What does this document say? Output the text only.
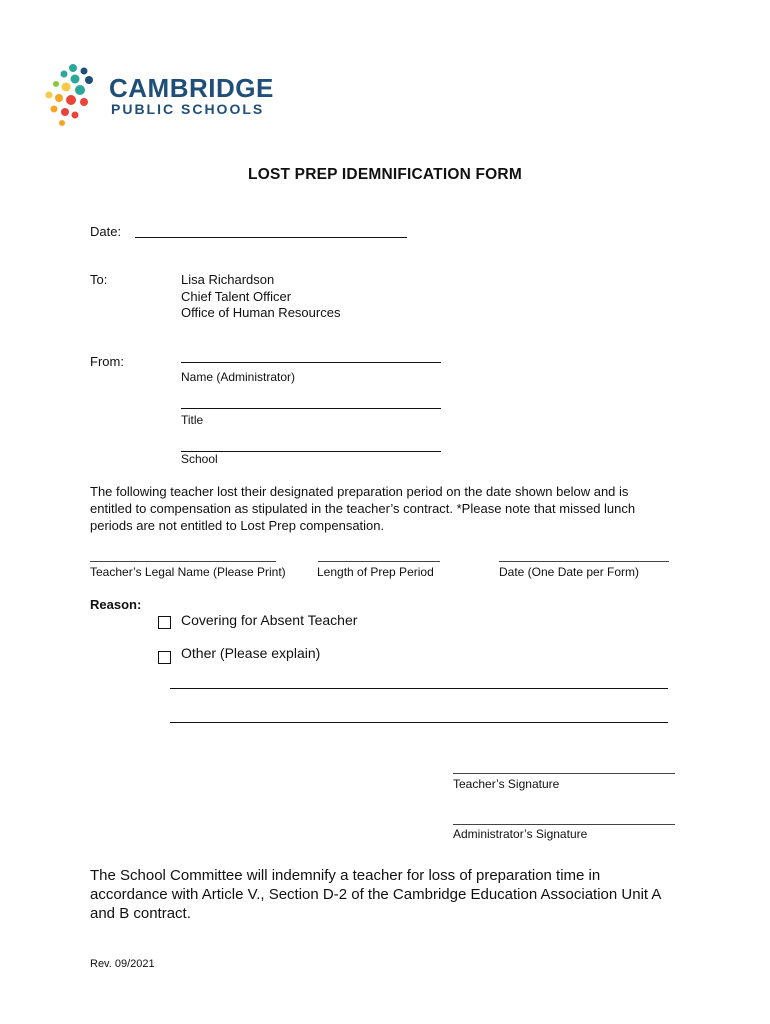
CAMBRIDGE
PUBLIC SCHOOLS
LOST PREP IDEMNIFICATION FORM
Date:
To:	Lisa Richardson
Chief Talent Officer
Office of Human Resources
From:
Name (Administrator)
Title
School
The following teacher lost their designated preparation period on the date shown below and is
entitled to compensation as stipulated in the teacher’s contract. *Please note that missed lunch
periods are not entitled to Lost Prep compensation.
Teacher’s Legal Name (Please Print)	Length of Prep Period	Date (One Date per Form)
Reason:
Covering for Absent Teacher
Other (Please explain)
Teacher’s Signature
Administrator’s Signature
The School Committee will indemnify a teacher for loss of preparation time in
accordance with Article V., Section D-2 of the Cambridge Education Association Unit A
and B contract.
Rev. 09/2021
